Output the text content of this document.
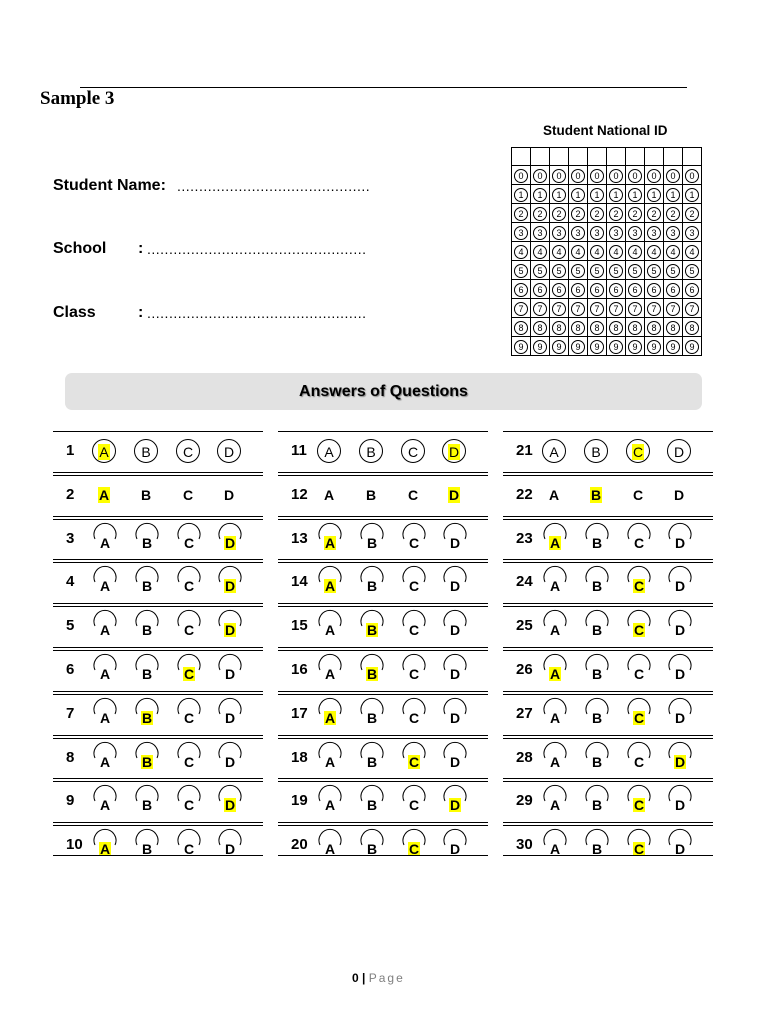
Sample 3
Student Name: ............................................
School : ..................................................
Class	: ..................................................
Student National ID

0	0	0	0	0	0	0	0	0	0
1	1	1	1	1	1	1	1	1	1
2	2	2	2	2	2	2	2	2	2
3	3	3	3	3	3	3	3	3	3
4	4	4	4	4	4	4	4	4	4
5	5	5	5	5	5	5	5	5	5
6	6	6	6	6	6	6	6	6	6
7	7	7	7	7	7	7	7	7	7
8	8	8	8	8	8	8	8	8	8
9	9	9	9	9	9	9	9	9	9
Answers of Questions
1	A	B	C	D
2	A	B	C	D
3	A	B	C	D
4	A	B	C	D
5	A	B	C	D
6	A	B	C	D
7	A	B	C	D
8	A	B	C	D
9	A	B	C	D
10	A	B	C	D
11	A	B	C	D
12	A	B	C	D
13	A	B	C	D
14	A	B	C	D
15	A	B	C	D
16	A	B	C	D
17	A	B	C	D
18	A	B	C	D
19	A	B	C	D
20	A	B	C	D
21	A	B	C	D
22	A	B	C	D
23	A	B	C	D
24	A	B	C	D
25	A	B	C	D
26	A	B	C	D
27	A	B	C	D
28	A	B	C	D
29	A	B	C	D
30	A	B	C	D
0 | Page
